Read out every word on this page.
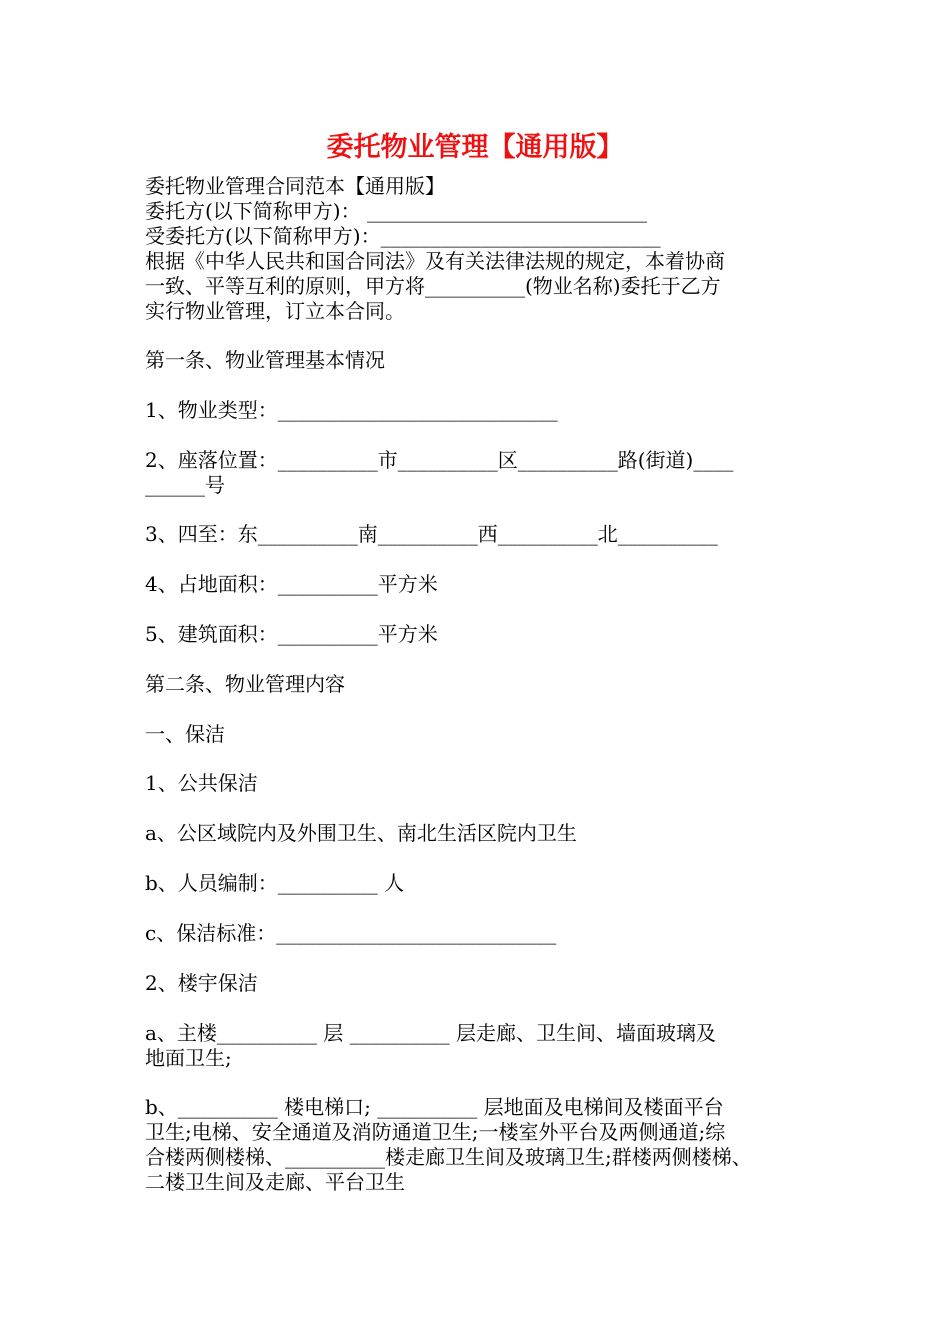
委托物业管理【通用版】
委托物业管理合同范本【通用版】
委托方(以下简称甲方)： ____________________________
受委托方(以下简称甲方)：____________________________
根据《中华人民共和国合同法》及有关法律法规的规定，本着协商
一致、平等互利的原则，甲方将__________(物业名称)委托于乙方
实行物业管理，订立本合同。
第一条、物业管理基本情况
1、物业类型：____________________________
2、座落位置：__________市__________区__________路(街道)____
______号
3、四至：东__________南__________西__________北__________
4、占地面积：__________平方米
5、建筑面积：__________平方米
第二条、物业管理内容
一、保洁
1、公共保洁
a、公区域院内及外围卫生、南北生活区院内卫生
b、人员编制：__________ 人
c、保洁标准：____________________________
2、楼宇保洁
a、主楼__________ 层 __________ 层走廊、卫生间、墙面玻璃及
地面卫生;
b、__________ 楼电梯口; __________ 层地面及电梯间及楼面平台
卫生;电梯、安全通道及消防通道卫生;一楼室外平台及两侧通道;综
合楼两侧楼梯、__________楼走廊卫生间及玻璃卫生;群楼两侧楼梯、
二楼卫生间及走廊、平台卫生
